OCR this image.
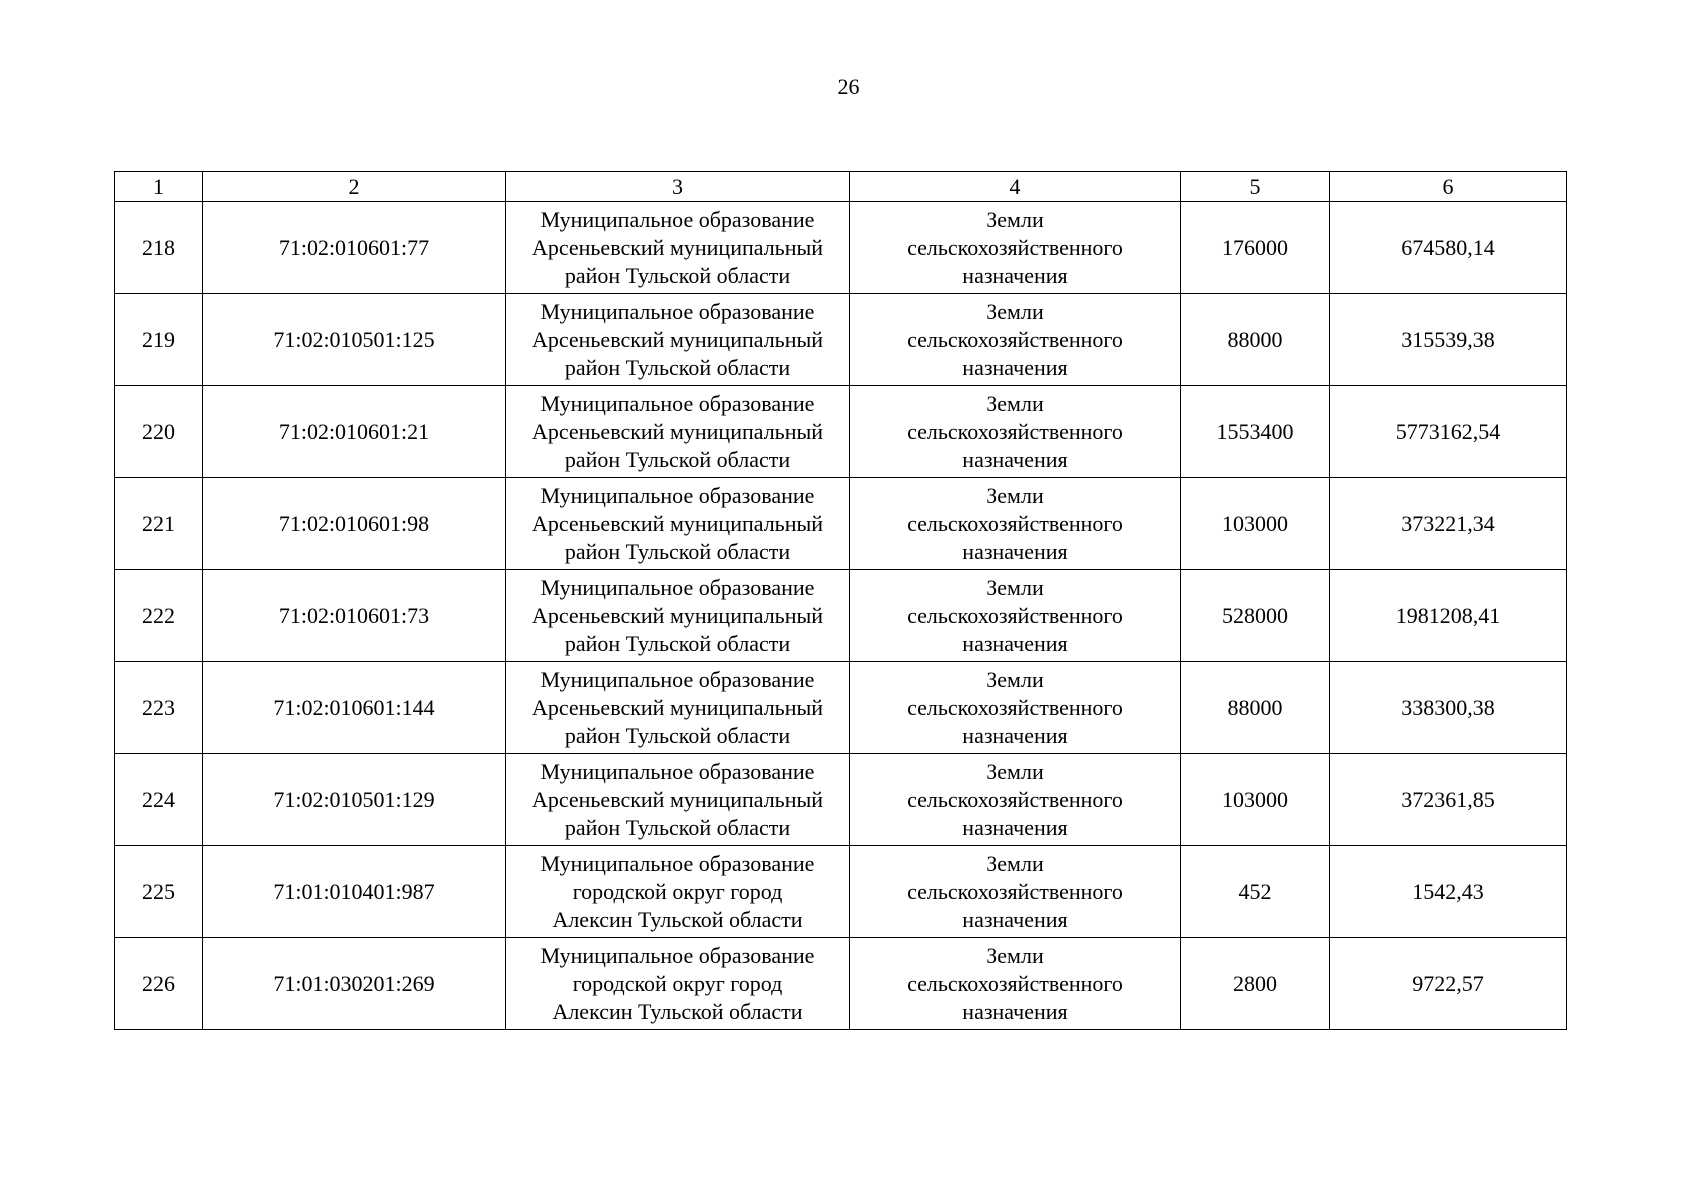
26
1	2	3	4	5	6
218	71:02:010601:77	Муниципальное образование
Арсеньевский муниципальный
район Тульской области	Земли
сельскохозяйственного
назначения	176000	674580,14
219	71:02:010501:125	Муниципальное образование
Арсеньевский муниципальный
район Тульской области	Земли
сельскохозяйственного
назначения	88000	315539,38
220	71:02:010601:21	Муниципальное образование
Арсеньевский муниципальный
район Тульской области	Земли
сельскохозяйственного
назначения	1553400	5773162,54
221	71:02:010601:98	Муниципальное образование
Арсеньевский муниципальный
район Тульской области	Земли
сельскохозяйственного
назначения	103000	373221,34
222	71:02:010601:73	Муниципальное образование
Арсеньевский муниципальный
район Тульской области	Земли
сельскохозяйственного
назначения	528000	1981208,41
223	71:02:010601:144	Муниципальное образование
Арсеньевский муниципальный
район Тульской области	Земли
сельскохозяйственного
назначения	88000	338300,38
224	71:02:010501:129	Муниципальное образование
Арсеньевский муниципальный
район Тульской области	Земли
сельскохозяйственного
назначения	103000	372361,85
225	71:01:010401:987	Муниципальное образование
городской округ город
Алексин Тульской области	Земли
сельскохозяйственного
назначения	452	1542,43
226	71:01:030201:269	Муниципальное образование
городской округ город
Алексин Тульской области	Земли
сельскохозяйственного
назначения	2800	9722,57
